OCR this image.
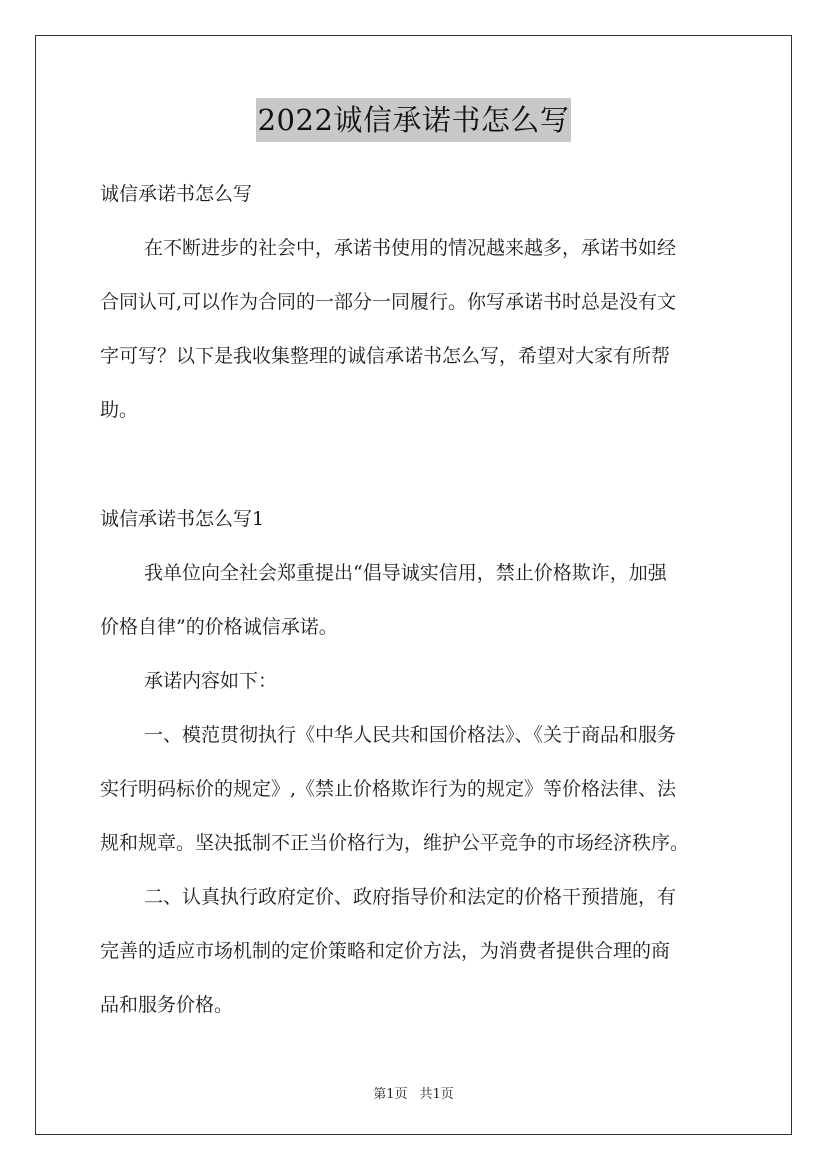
2022诚信承诺书怎么写
诚信承诺书怎么写
在不断进步的社会中，承诺书使用的情况越来越多，承诺书如经
合同认可,可以作为合同的一部分一同履行。你写承诺书时总是没有文
字可写？以下是我收集整理的诚信承诺书怎么写，希望对大家有所帮
助。
诚信承诺书怎么写1
我单位向全社会郑重提出“倡导诚实信用，禁止价格欺诈，加强
价格自律”的价格诚信承诺。
承诺内容如下：
一、模范贯彻执行《中华人民共和国价格法》、《关于商品和服务
实行明码标价的规定》,《禁止价格欺诈行为的规定》等价格法律、法
规和规章。坚决抵制不正当价格行为，维护公平竞争的市场经济秩序。
二、认真执行政府定价、政府指导价和法定的价格干预措施，有
完善的适应市场机制的定价策略和定价方法，为消费者提供合理的商
品和服务价格。
第1页 共1页
